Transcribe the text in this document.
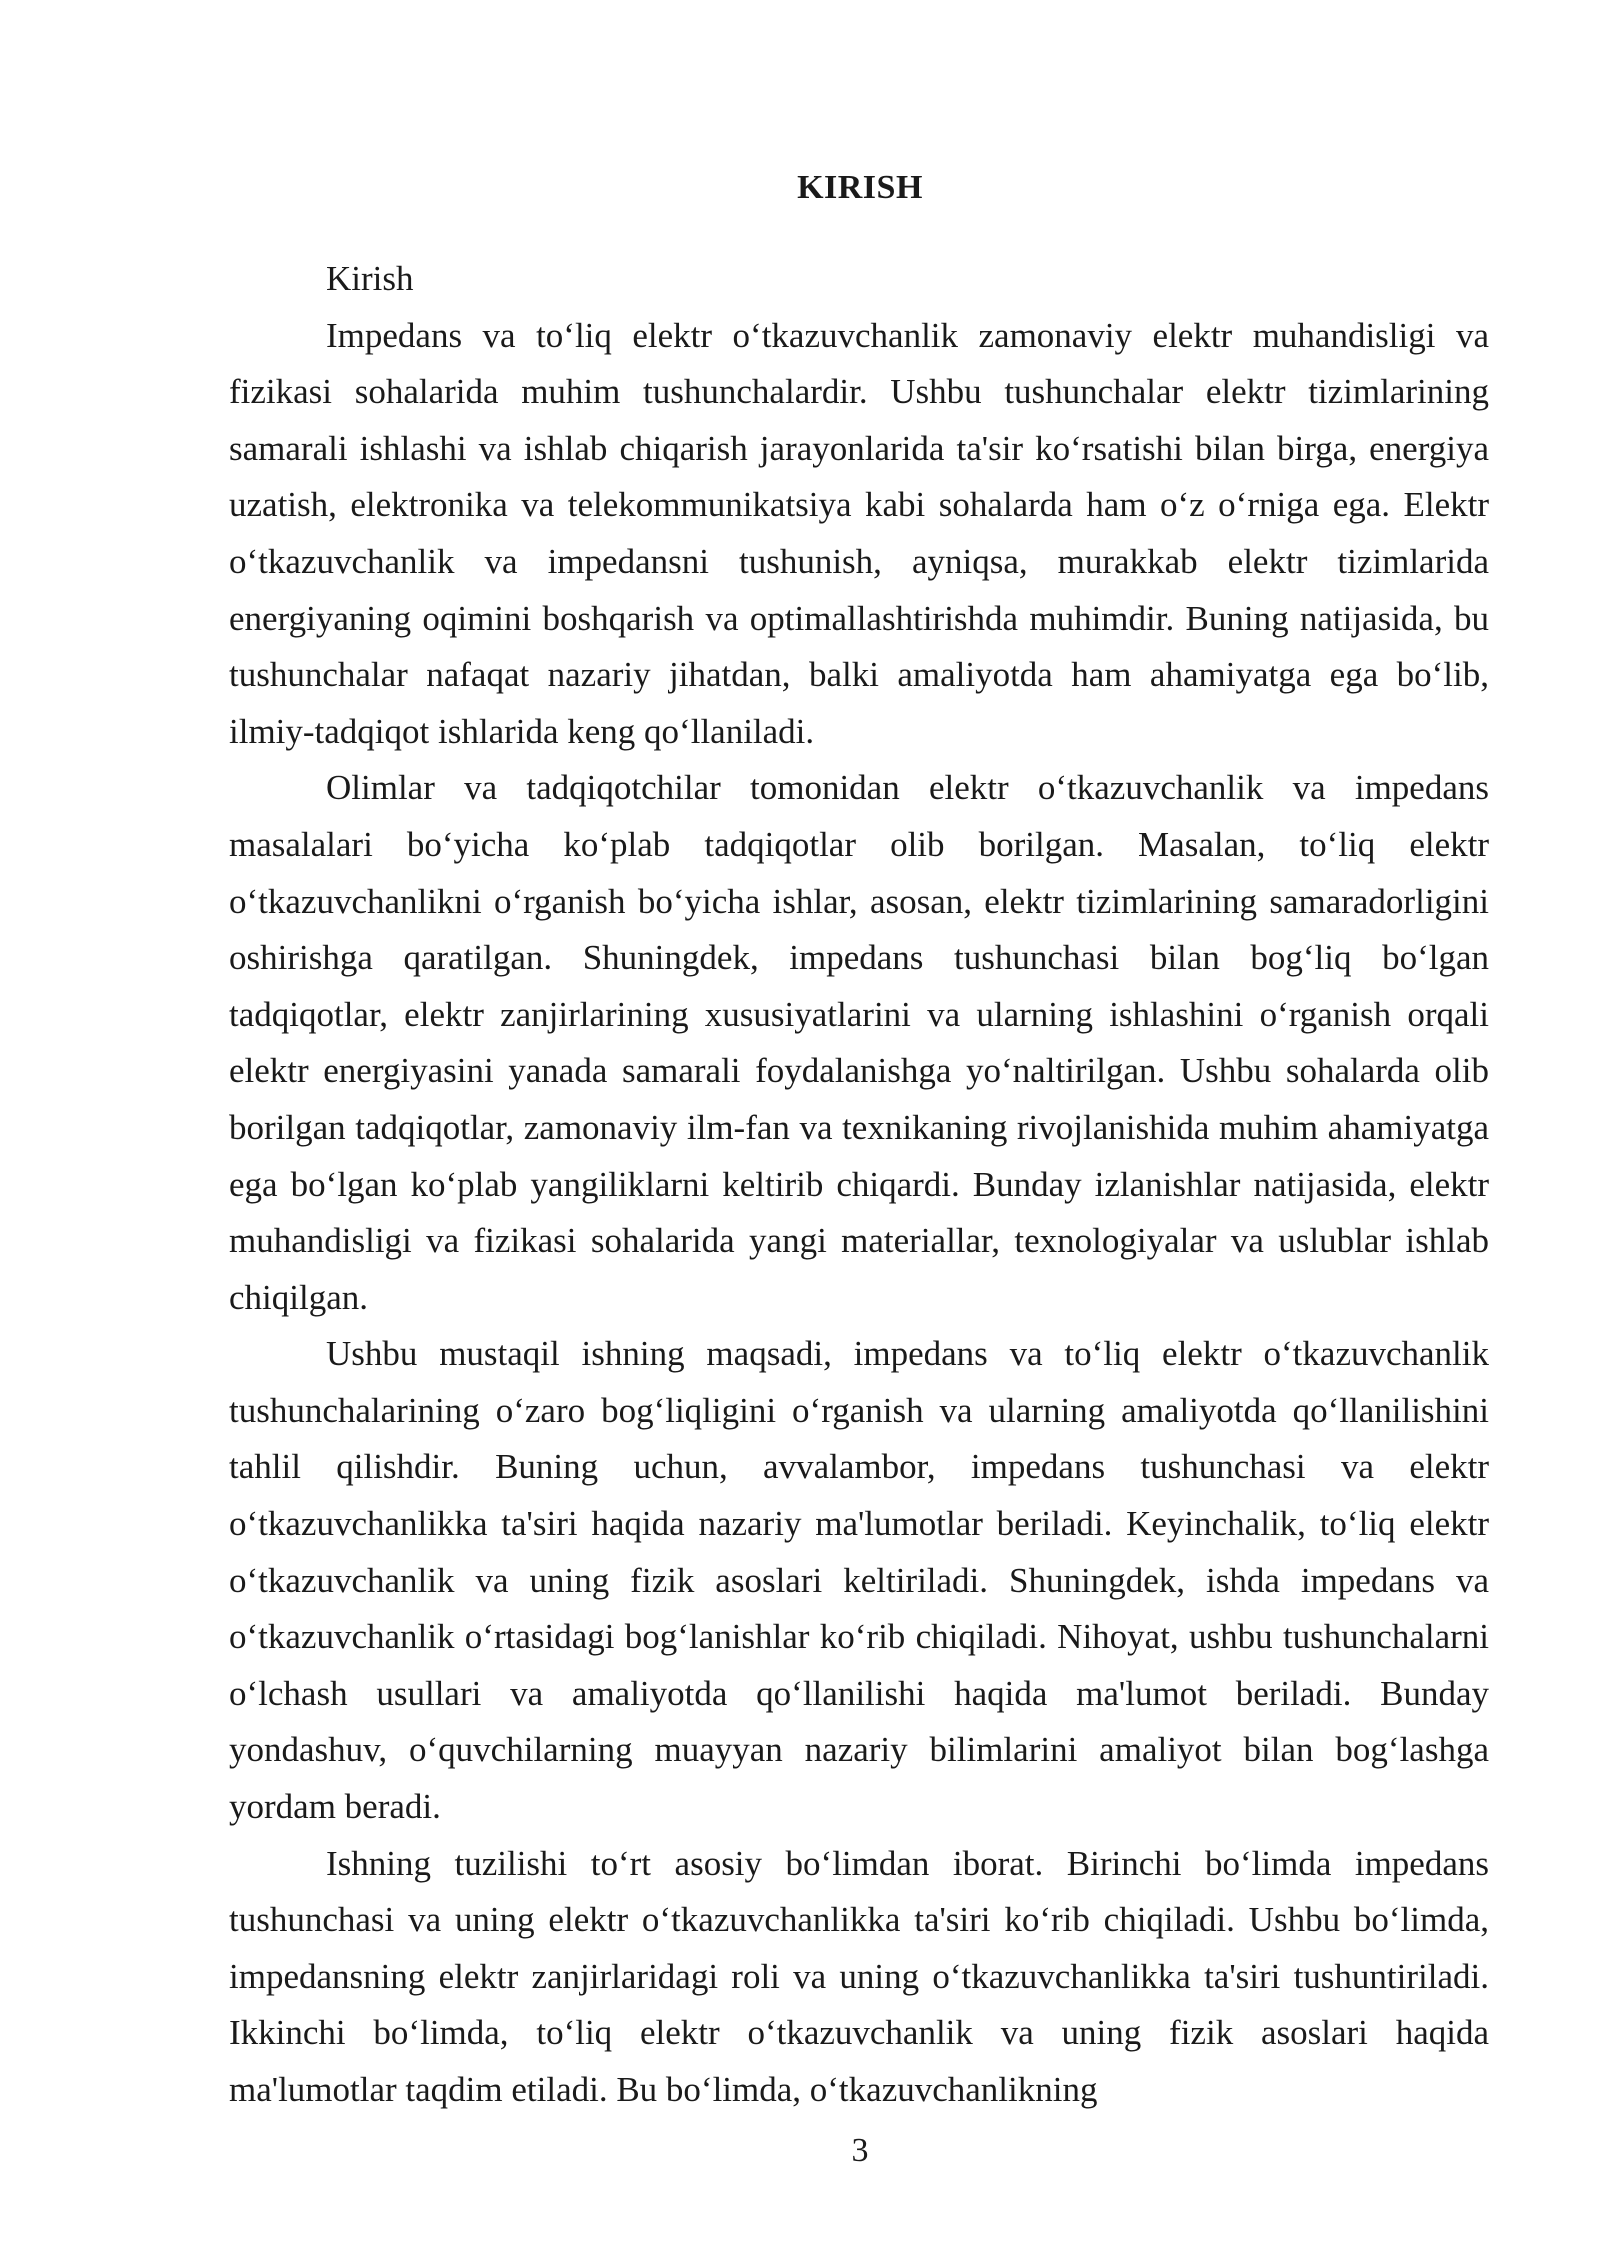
KIRISH

Kirish

Impedans va to‘liq elektr o‘tkazuvchanlik zamonaviy elektr muhandisligi va fizikasi sohalarida muhim tushunchalardir. Ushbu tushunchalar elektr tizimlarining samarali ishlashi va ishlab chiqarish jarayonlarida ta'sir ko‘rsatishi bilan birga, energiya uzatish, elektronika va telekommunikatsiya kabi sohalarda ham o‘z o‘rniga ega. Elektr o‘tkazuvchanlik va impedansni tushunish, ayniqsa, murakkab elektr tizimlarida energiyaning oqimini boshqarish va optimallashtirishda muhimdir. Buning natijasida, bu tushunchalar nafaqat nazariy jihatdan, balki amaliyotda ham ahamiyatga ega bo‘lib, ilmiy-tadqiqot ishlarida keng qo‘llaniladi.

Olimlar va tadqiqotchilar tomonidan elektr o‘tkazuvchanlik va impedans masalalari bo‘yicha ko‘plab tadqiqotlar olib borilgan. Masalan, to‘liq elektr o‘tkazuvchanlikni o‘rganish bo‘yicha ishlar, asosan, elektr tizimlarining samaradorligini oshirishga qaratilgan. Shuningdek, impedans tushunchasi bilan bog‘liq bo‘lgan tadqiqotlar, elektr zanjirlarining xususiyatlarini va ularning ishlashini o‘rganish orqali elektr energiyasini yanada samarali foydalanishga yo‘naltirilgan. Ushbu sohalarda olib borilgan tadqiqotlar, zamonaviy ilm-fan va texnikaning rivojlanishida muhim ahamiyatga ega bo‘lgan ko‘plab yangiliklarni keltirib chiqardi. Bunday izlanishlar natijasida, elektr muhandisligi va fizikasi sohalarida yangi materiallar, texnologiyalar va uslublar ishlab chiqilgan.

Ushbu mustaqil ishning maqsadi, impedans va to‘liq elektr o‘tkazuvchanlik tushunchalarining o‘zaro bog‘liqligini o‘rganish va ularning amaliyotda qo‘llanilishini tahlil qilishdir. Buning uchun, avvalambor, impedans tushunchasi va elektr o‘tkazuvchanlikka ta'siri haqida nazariy ma'lumotlar beriladi. Keyinchalik, to‘liq elektr o‘tkazuvchanlik va uning fizik asoslari keltiriladi. Shuningdek, ishda impedans va o‘tkazuvchanlik o‘rtasidagi bog‘lanishlar ko‘rib chiqiladi. Nihoyat, ushbu tushunchalarni o‘lchash usullari va amaliyotda qo‘llanilishi haqida ma'lumot beriladi. Bunday yondashuv, o‘quvchilarning muayyan nazariy bilimlarini amaliyot bilan bog‘lashga yordam beradi.

Ishning tuzilishi to‘rt asosiy bo‘limdan iborat. Birinchi bo‘limda impedans tushunchasi va uning elektr o‘tkazuvchanlikka ta'siri ko‘rib chiqiladi. Ushbu bo‘limda, impedansning elektr zanjirlaridagi roli va uning o‘tkazuvchanlikka ta'siri tushuntiriladi. Ikkinchi bo‘limda, to‘liq elektr o‘tkazuvchanlik va uning fizik asoslari haqida ma'lumotlar taqdim etiladi. Bu bo‘limda, o‘tkazuvchanlikning

3
